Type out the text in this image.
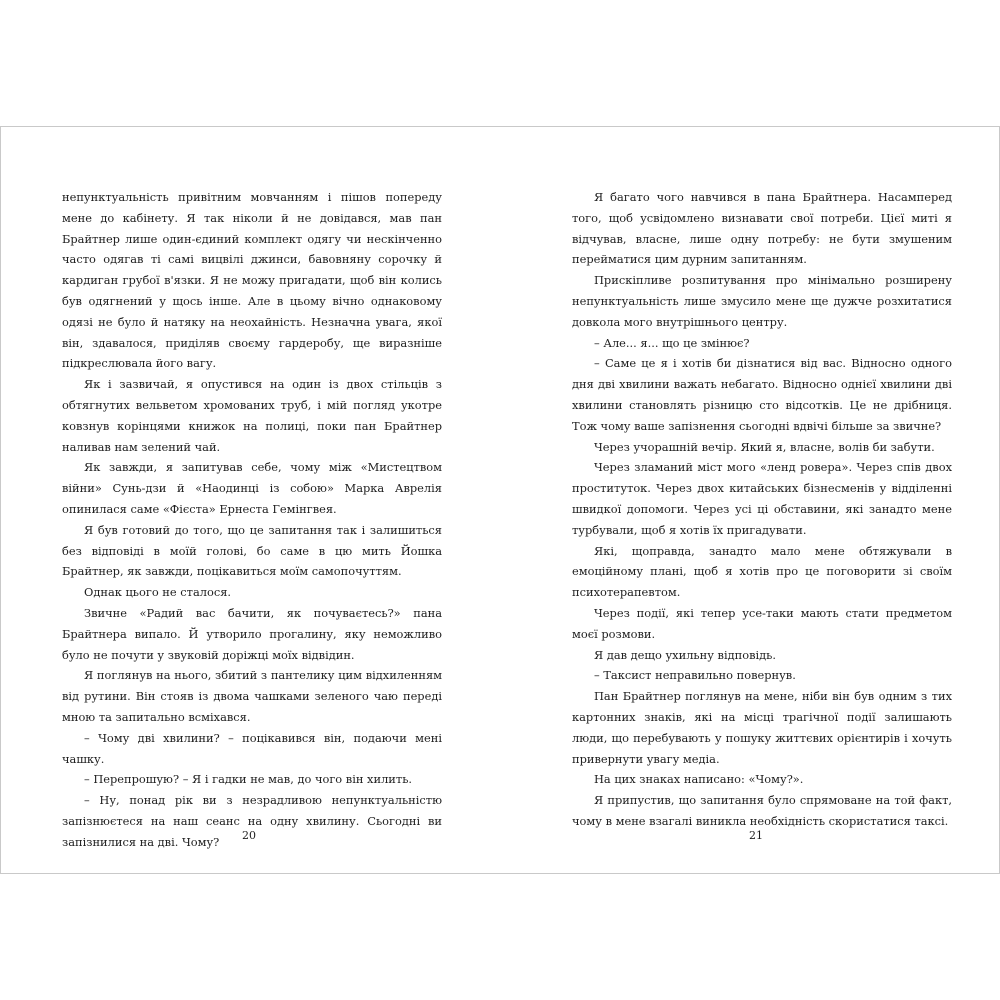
непунктуальність привітним мовчанням і пішов попереду мене до кабінету. Я так ніколи й не довідався, мав пан Брайтнер лише один-єдиний комплект одягу чи нескінченно часто одягав ті самі вицвілі джинси, бавовняну сорочку й кардиган грубої в'язки. Я не можу пригадати, щоб він колись був одягнений у щось інше. Але в цьому вічно однаковому одязі не було й натяку на неохайність. Незначна увага, якої він, здавалося, приділяв своєму гардеробу, ще виразніше підкреслювала його вагу.

Як і зазвичай, я опустився на один із двох стільців з обтягнутих вельветом хромованих труб, і мій погляд укотре ковзнув корінцями книжок на полиці, поки пан Брайтнер наливав нам зелений чай.

Як завжди, я запитував себе, чому між «Мистецтвом війни» Сунь-дзи й «Наодинці із собою» Марка Аврелія опинилася саме «Фієста» Ернеста Гемінгвея.

Я був готовий до того, що це запитання так і залишиться без відповіді в моїй голові, бо саме в цю мить Йошка Брайтнер, як завжди, поцікавиться моїм самопочуттям.

Однак цього не сталося.

Звичне «Радий вас бачити, як почуваєтесь?» пана Брайтнера випало. Й утворило прогалину, яку неможливо було не почути у звуковій доріжці моїх відвідин.

Я поглянув на нього, збитий з пантелику цим відхиленням від рутини. Він стояв із двома чашками зеленого чаю переді мною та запитально всміхався.

– Чому дві хвилини? – поцікавився він, подаючи мені чашку.

– Перепрошую? – Я і гадки не мав, до чого він хилить.

– Ну, понад рік ви з незрадливою непунктуальністю запізнюєтеся на наш сеанс на одну хвилину. Сьогодні ви запізнилися на дві. Чому?

Я багато чого навчився в пана Брайтнера. Насамперед того, щоб усвідомлено визнавати свої потреби. Цієї миті я відчував, власне, лише одну потребу: не бути змушеним перейматися цим дурним запитанням.

Прискіпливе розпитування про мінімально розширену непунктуальність лише змусило мене ще дужче розхитатися довкола мого внутрішнього центру.

– Але... я... що це змінює?

– Саме це я і хотів би дізнатися від вас. Відносно одного дня дві хвилини важать небагато. Відносно однієї хвилини дві хвилини становлять різницю сто відсотків. Це не дрібниця. Тож чому ваше запізнення сьогодні вдвічі більше за звичне?

Через учорашній вечір. Який я, власне, волів би забути.

Через зламаний міст мого «ленд ровера». Через спів двох проституток. Через двох китайських бізнесменів у відділенні швидкої допомоги. Через усі ці обставини, які занадто мене турбували, щоб я хотів їх пригадувати.

Які, щоправда, занадто мало мене обтяжували в емоційному плані, щоб я хотів про це поговорити зі своїм психотерапевтом.

Через події, які тепер усе-таки мають стати предметом моєї розмови.

Я дав дещо ухильну відповідь.

– Таксист неправильно повернув.

Пан Брайтнер поглянув на мене, ніби він був одним з тих картонних знаків, які на місці трагічної події залишають люди, що перебувають у пошуку життєвих орієнтирів і хочуть привернути увагу медіа.

На цих знаках написано: «Чому?».

Я припустив, що запитання було спрямоване на той факт, чому в мене взагалі виникла необхідність скористатися таксі.

20	21
